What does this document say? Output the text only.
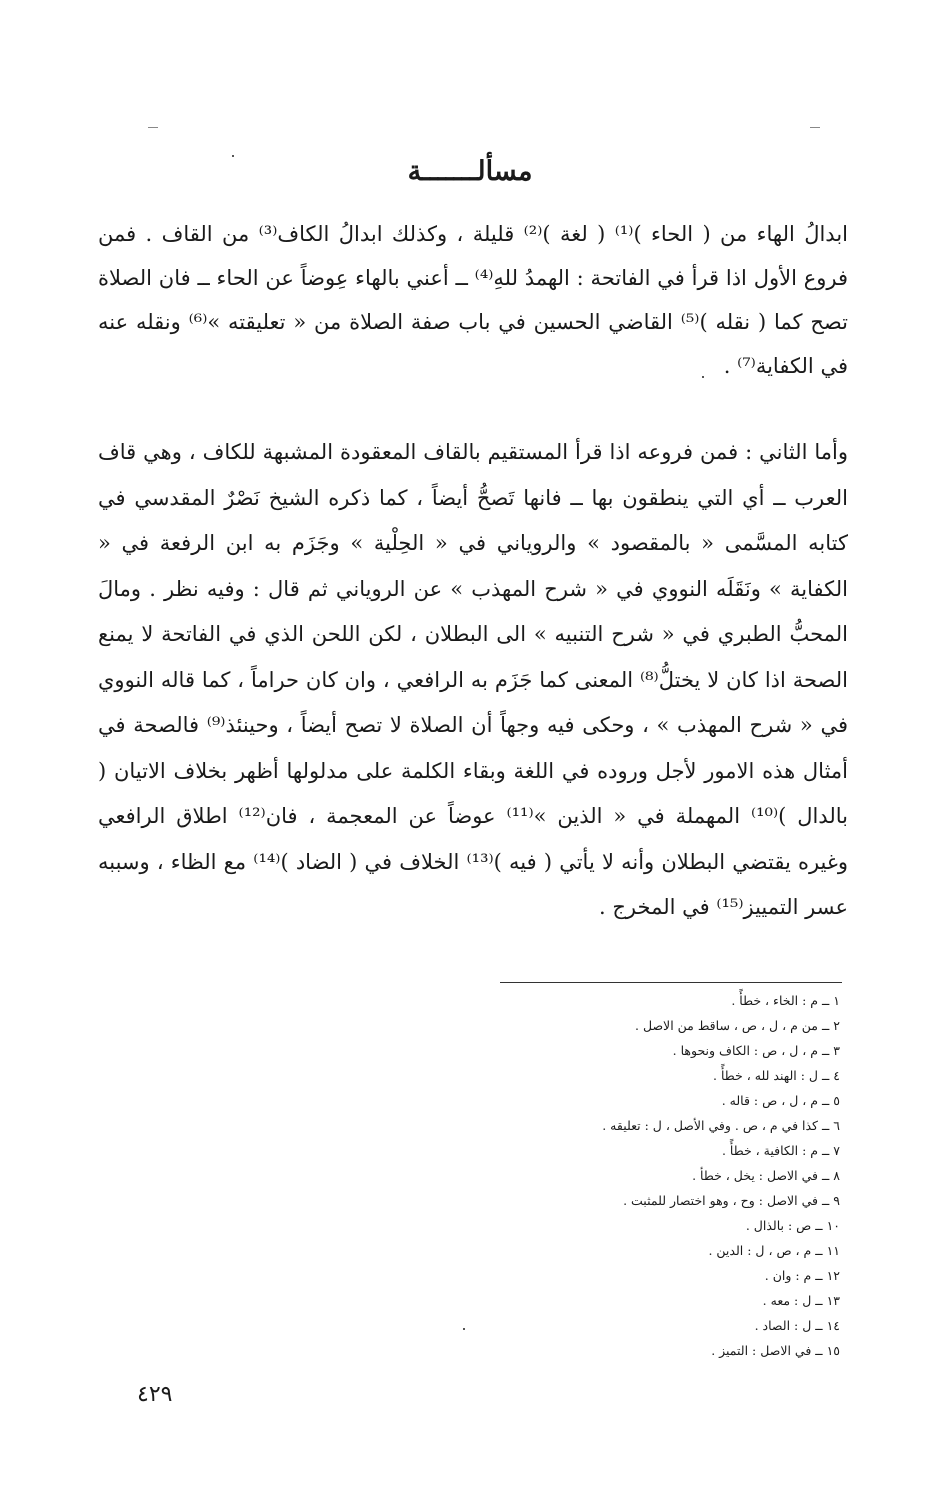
مسألـــــــة

ابدالُ الهاء من ( الحاء )⁽¹⁾ ( لغة )⁽²⁾ قليلة ، وكذلك ابدالُ الكاف⁽³⁾ من القاف . فمن فروع الأول اذا قرأ في الفاتحة : الهمدُ للهِ⁽⁴⁾ ــ أعني بالهاء عِوضاً عن الحاء ــ فان الصلاة تصح كما ( نقله )⁽⁵⁾ القاضي الحسين في باب صفة الصلاة من « تعليقته »⁽⁶⁾ ونقله عنه في الكفاية⁽⁷⁾ .

وأما الثاني : فمن فروعه اذا قرأ المستقيم بالقاف المعقودة المشبهة للكاف ، وهي قاف العرب ــ أي التي ينطقون بها ــ فانها تَصحُّ أيضاً ، كما ذكره الشيخ نَصْرٌ المقدسي في كتابه المسَّمى « بالمقصود » والروياني في « الحِلْية » وجَزَم به ابن الرفعة في « الكفاية » ونَقَلَه النووي في « شرح المهذب » عن الروياني ثم قال : وفيه نظر . ومالَ المحبُّ الطبري في « شرح التنبيه » الى البطلان ، لكن اللحن الذي في الفاتحة لا يمنع الصحة اذا كان لا يختلُّ⁽⁸⁾ المعنى كما جَزَم به الرافعي ، وان كان حراماً ، كما قاله النووي في « شرح المهذب » ، وحكى فيه وجهاً أن الصلاة لا تصح أيضاً ، وحينئذ⁽⁹⁾ فالصحة في أمثال هذه الامور لأجل وروده في اللغة وبقاء الكلمة على مدلولها أظهر بخلاف الاتيان ( بالدال )⁽¹⁰⁾ المهملة في « الذين »⁽¹¹⁾ عوضاً عن المعجمة ، فان⁽¹²⁾ اطلاق الرافعي وغيره يقتضي البطلان وأنه لا يأتي ( فيه )⁽¹³⁾ الخلاف في ( الضاد )⁽¹⁴⁾ مع الظاء ، وسببه عسر التمييز⁽¹⁵⁾ في المخرج .

١ ــ م : الخاء ، خطأً .
٢ ــ من م ، ل ، ص ، ساقط من الاصل .
٣ ــ م ، ل ، ص : الكاف ونحوها .
٤ ــ ل : الهند لله ، خطأً .
٥ ــ م ، ل ، ص : قاله .
٦ ــ كذا في م ، ص . وفي الأصل ، ل : تعليقه .
٧ ــ م : الكافية ، خطأً .
٨ ــ في الاصل : يخل ، خطأ .
٩ ــ في الاصل : وح ، وهو اختصار للمثبت .
١٠ ــ ص : بالذال .
١١ ــ م ، ص ، ل : الدين .
١٢ ــ م : وان .
١٣ ــ ل : معه .
١٤ ــ ل : الصاد .
١٥ ــ في الاصل : التميز .
٤٢٩
